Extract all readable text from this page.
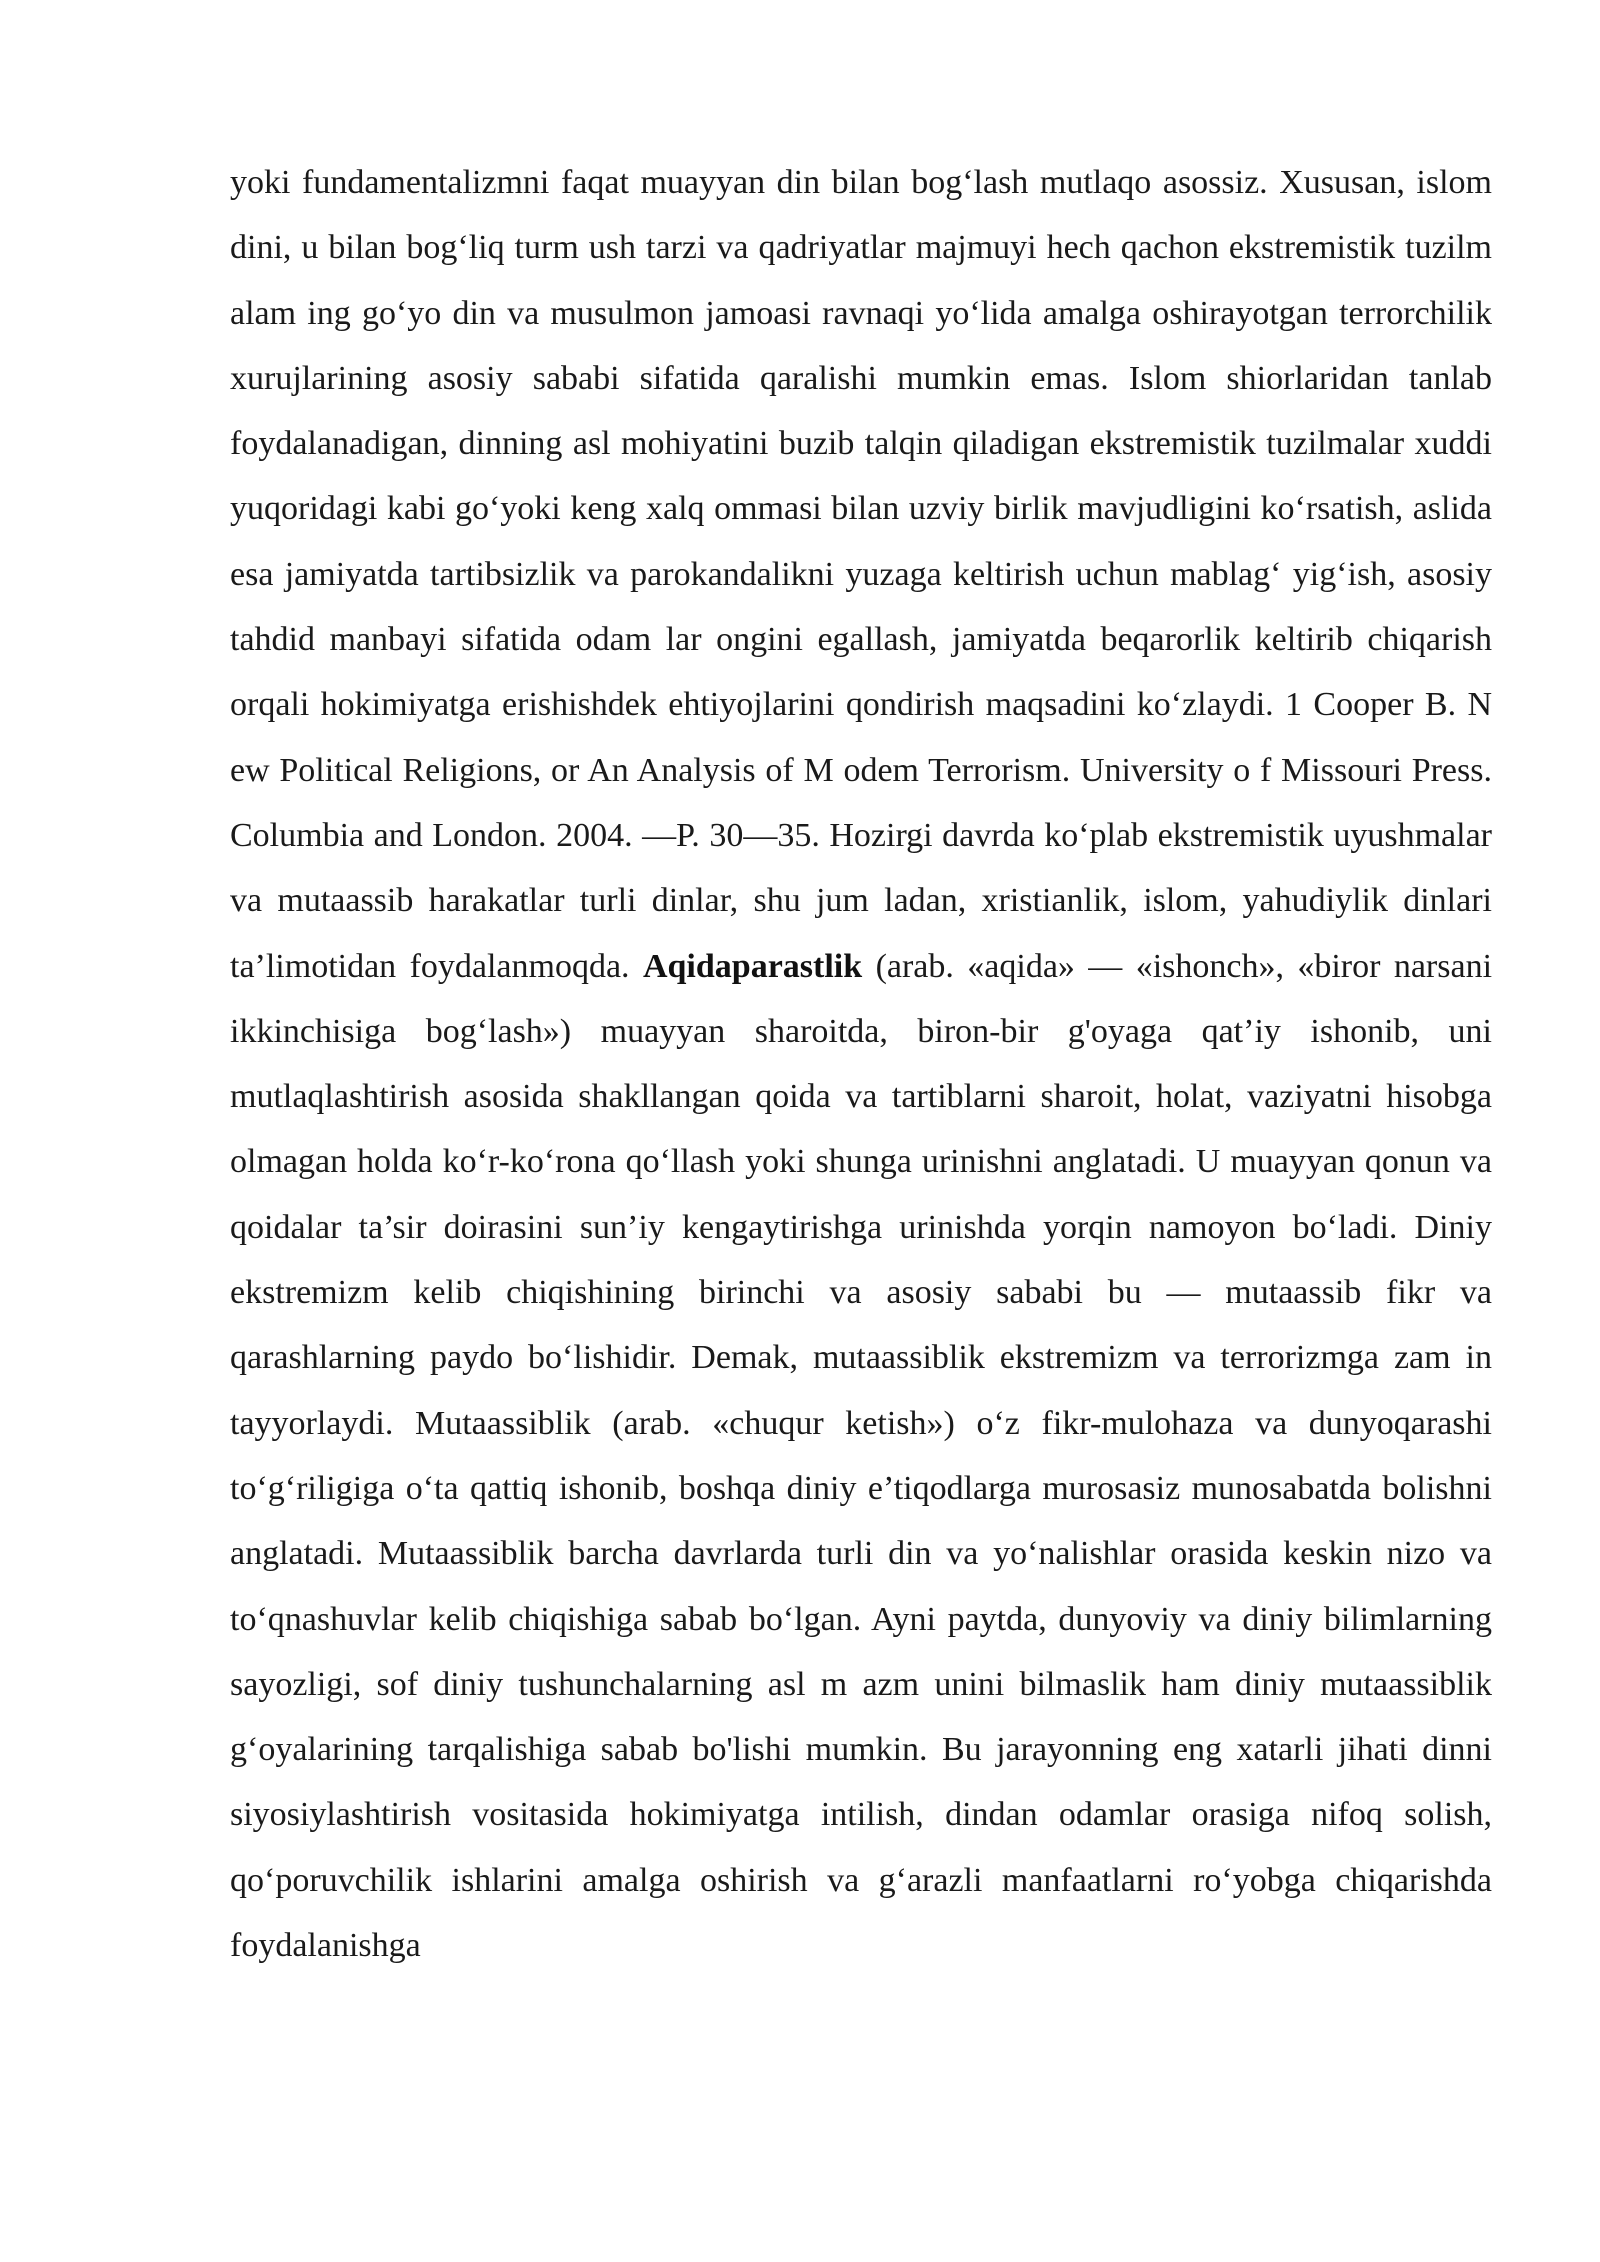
yoki fundamentalizmni faqat muayyan din bilan bog‘lash mutlaqo asossiz. Xususan, islom dini, u bilan bog‘liq turm ush tarzi va qadriyatlar majmuyi hech qachon ekstremistik tuzilm alam ing go‘yo din va musulmon jamoasi ravnaqi yo‘lida amalga oshirayotgan terrorchilik xurujlarining asosiy sababi sifatida qaralishi mumkin emas. Islom shiorlaridan tanlab foydalanadigan, dinning asl mohiyatini buzib talqin qiladigan ekstremistik tuzilmalar xuddi yuqoridagi kabi go‘yoki keng xalq ommasi bilan uzviy birlik mavjudligini ko‘rsatish, aslida esa jamiyatda tartibsizlik va parokandalikni yuzaga keltirish uchun mablag‘ yig‘ish, asosiy tahdid manbayi sifatida odam lar ongini egallash, jamiyatda beqarorlik keltirib chiqarish orqali hokimiyatga erishishdek ehtiyojlarini qondirish maqsadini ko‘zlaydi. 1 Cooper B. N ew Political Religions, or An Analysis of M odem Terrorism. University o f Missouri Press. Columbia and London. 2004. —P. 30—35. Hozirgi davrda ko‘plab ekstremistik uyushmalar va mutaassib harakatlar turli dinlar, shu jum ladan, xristianlik, islom, yahudiylik dinlari ta’limotidan foydalanmoqda. Aqidaparastlik (arab. «aqida» — «ishonch», «biror narsani ikkinchisiga bog‘lash») muayyan sharoitda, biron-bir g'oyaga qat’iy ishonib, uni mutlaqlashtirish asosida shakllangan qoida va tartiblarni sharoit, holat, vaziyatni hisobga olmagan holda ko‘r-ko‘rona qo‘llash yoki shunga urinishni anglatadi. U muayyan qonun va qoidalar ta’sir doirasini sun’iy kengaytirishga urinishda yorqin namoyon bo‘ladi. Diniy ekstremizm kelib chiqishining birinchi va asosiy sababi bu — mutaassib fikr va qarashlarning paydo bo‘lishidir. Demak, mutaassiblik ekstremizm va terrorizmga zam in tayyorlaydi. Mutaassiblik (arab. «chuqur ketish») o‘z fikr-mulohaza va dunyoqarashi to‘g‘riligiga o‘ta qattiq ishonib, boshqa diniy e’tiqodlarga murosasiz munosabatda bolishni anglatadi. Mutaassiblik barcha davrlarda turli din va yo‘nalishlar orasida keskin nizo va to‘qnashuvlar kelib chiqishiga sabab bo‘lgan. Ayni paytda, dunyoviy va diniy bilimlarning sayozligi, sof diniy tushunchalarning asl m azm unini bilmaslik ham diniy mutaassiblik g‘oyalarining tarqalishiga sabab bo'lishi mumkin. Bu jarayonning eng xatarli jihati dinni siyosiylashtirish vositasida hokimiyatga intilish, dindan odamlar orasiga nifoq solish, qo‘poruvchilik ishlarini amalga oshirish va g‘arazli manfaatlarni ro‘yobga chiqarishda foydalanishga
